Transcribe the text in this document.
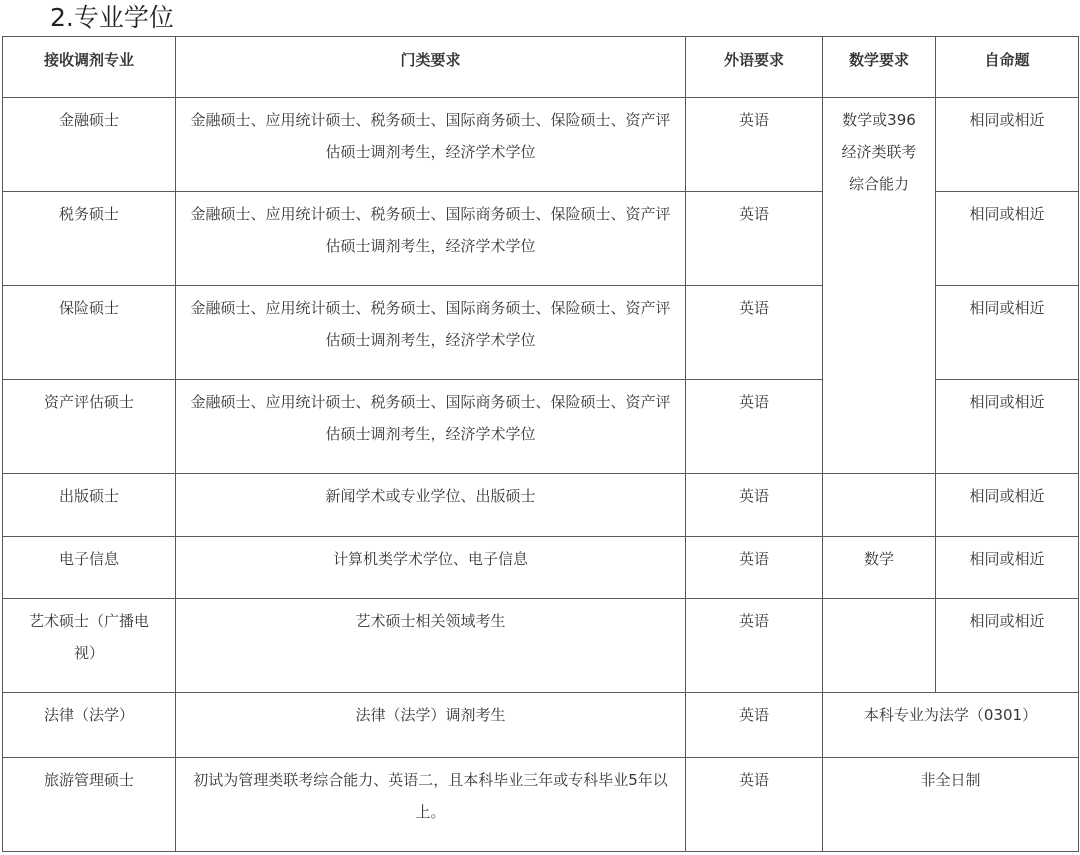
2.专业学位
接收调剂专业	门类要求	外语要求	数学要求	自命题
金融硕士	金融硕士、应用统计硕士、税务硕士、国际商务硕士、保险硕士、资产评估硕士调剂考生，经济学术学位	英语	数学或396经济类联考综合能力	相同或相近
税务硕士	金融硕士、应用统计硕士、税务硕士、国际商务硕士、保险硕士、资产评估硕士调剂考生，经济学术学位	英语		相同或相近
保险硕士	金融硕士、应用统计硕士、税务硕士、国际商务硕士、保险硕士、资产评估硕士调剂考生，经济学术学位	英语		相同或相近
资产评估硕士	金融硕士、应用统计硕士、税务硕士、国际商务硕士、保险硕士、资产评估硕士调剂考生，经济学术学位	英语		相同或相近
出版硕士	新闻学术或专业学位、出版硕士	英语		相同或相近
电子信息	计算机类学术学位、电子信息	英语	数学	相同或相近
艺术硕士（广播电视）	艺术硕士相关领域考生	英语		相同或相近
法律（法学）	法律（法学）调剂考生	英语	本科专业为法学（0301）	
旅游管理硕士	初试为管理类联考综合能力、英语二，且本科毕业三年或专科毕业5年以上。	英语	非全日制	
